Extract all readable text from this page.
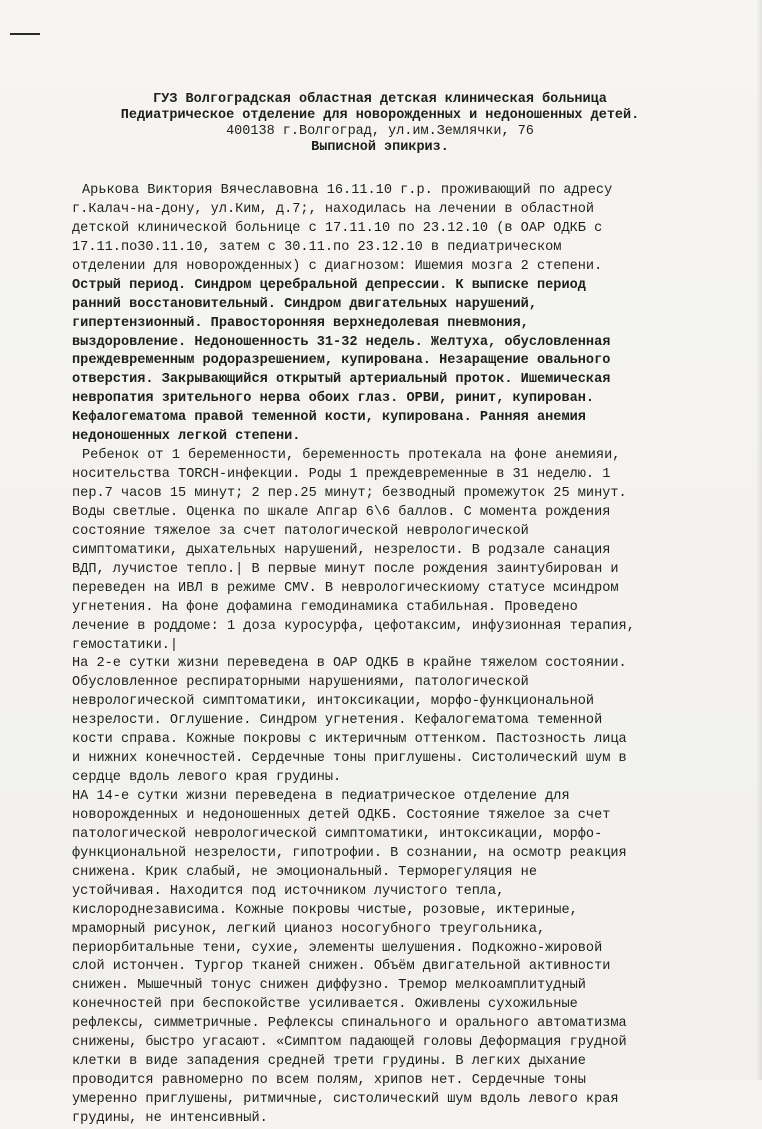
ГУЗ Волгоградская областная детская клиническая больница
Педиатрическое отделение для новорожденных и недоношенных детей.
400138 г.Волгоград, ул.им.Землячки, 76
Выписной эпикриз.
Арькова Виктория Вячеславовна 16.11.10 г.р. проживающий по адресу
г.Калач-на-дону, ул.Ким, д.7;, находилась на лечении в областной
детской клинической больнице с 17.11.10 по 23.12.10 (в ОАР ОДКБ с
17.11.по30.11.10, затем с 30.11.по 23.12.10 в педиатрическом
отделении для новорожденных) с диагнозом: Ишемия мозга 2 степени.
Острый период. Синдром церебральной депрессии. К выписке период
ранний восстановительный. Синдром двигательных нарушений,
гипертензионный. Правосторонняя верхнедолевая пневмония,
выздоровление. Недоношенность 31-32 недель. Желтуха, обусловленная
преждевременным родоразрешением, купирована. Незаращение овального
отверстия. Закрывающийся открытый артериальный проток. Ишемическая
невропатия зрительного нерва обоих глаз. ОРВИ, ринит, купирован.
Кефалогематома правой теменной кости, купирована. Ранняя анемия
недоношенных легкой степени.
Ребенок от 1 беременности, беременность протекала на фоне анемияи,
носительства TORCH-инфекции. Роды 1 преждевременные в 31 неделю. 1
пер.7 часов 15 минут; 2 пер.25 минут; безводный промежуток 25 минут.
Воды светлые. Оценка по шкале Апгар 6\6 баллов. С момента рождения
состояние тяжелое за счет патологической неврологической
симптоматики, дыхательных нарушений, незрелости. В родзале санация
ВДП, лучистое тепло.| В первые минут после рождения заинтубирован и
переведен на ИВЛ в режиме CMV. В неврологическиому статусе мсиндром
угнетения. На фоне дофамина гемодинамика стабильная. Проведено
лечение в роддоме: 1 доза куросурфа, цефотаксим, инфузионная терапия,
гемостатики.|
На 2-е сутки жизни переведена в ОАР ОДКБ в крайне тяжелом состоянии.
Обусловленное респираторными нарушениями, патологической
неврологической симптоматики, интоксикации, морфо-функциональной
незрелости. Оглушение. Синдром угнетения. Кефалогематома теменной
кости справа. Кожные покровы с иктеричным оттенком. Пастозность лица
и нижних конечностей. Сердечные тоны приглушены. Систолический шум в
сердце вдоль левого края грудины.
НА 14-е сутки жизни переведена в педиатрическое отделение для
новорожденных и недоношенных детей ОДКБ. Состояние тяжелое за счет
патологической неврологической симптоматики, интоксикации, морфо-
функциональной незрелости, гипотрофии. В сознании, на осмотр реакция
снижена. Крик слабый, не эмоциональный. Терморегуляция не
устойчивая. Находится под источником лучистого тепла,
кислороднезависима. Кожные покровы чистые, розовые, иктериные,
мраморный рисунок, легкий цианоз носогубного треугольника,
периорбитальные тени, сухие, элементы шелушения. Подкожно-жировой
слой истончен. Тургор тканей снижен. Объём двигательной активности
снижен. Мышечный тонус снижен диффузно. Тремор мелкоамплитудный
конечностей при беспокойстве усиливается. Оживлены сухожильные
рефлексы, симметричные. Рефлексы спинального и орального автоматизма
снижены, быстро угасают. «Симптом падающей головы Деформация грудной
клетки в виде западения средней трети грудины. В легких дыхание
проводится равномерно по всем полям, хрипов нет. Сердечные тоны
умеренно приглушены, ритмичные, систолический шум вдоль левого края
грудины, не интенсивный.
